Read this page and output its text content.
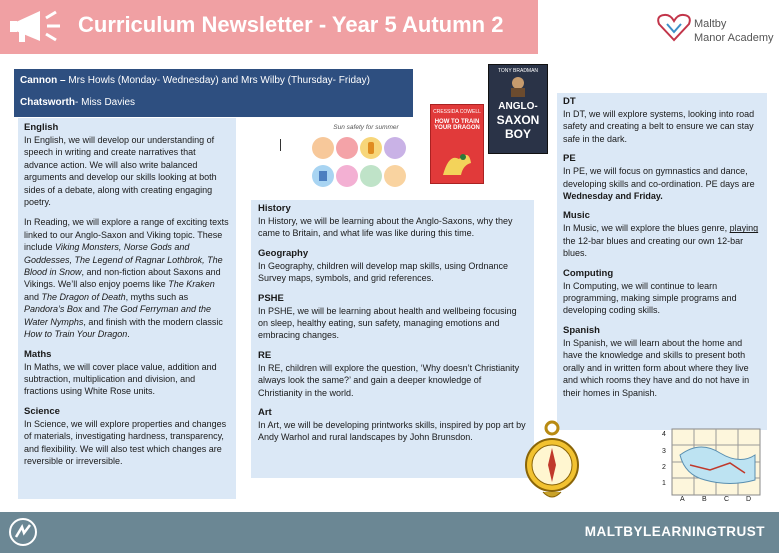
Curriculum Newsletter - Year 5 Autumn 2	Maltby
Manor Academy
Cannon – Mrs Howls (Monday- Wednesday) and Mrs Wilby (Thursday- Friday)
Chatsworth- Miss Davies
CRESSIDA COWELL
HOW TO TRAIN YOUR DRAGON
TONY BRADMAN
ANGLO-
SAXON
BOY
Sun safety for summer
English
In English, we will develop our understanding of speech in writing and create narratives that advance action. We will also write balanced arguments and develop our skills looking at both sides of a debate, along with creating engaging poetry.
In Reading, we will explore a range of exciting texts linked to our Anglo-Saxon and Viking topic. These include Viking Monsters, Norse Gods and Goddesses, The Legend of Ragnar Lothbrok, The Blood in Snow, and non-fiction about Saxons and Vikings. We’ll also enjoy poems like The Kraken and The Dragon of Death, myths such as Pandora’s Box and The God Ferryman and the Water Nymphs, and finish with the modern classic How to Train Your Dragon.
Maths
In Maths, we will cover place value, addition and subtraction, multiplication and division, and fractions using White Rose units.
Science
In Science, we will explore properties and changes of materials, investigating hardness, transparency, and flexibility. We will also test which changes are reversible or irreversible.
History
In History, we will be learning about the Anglo-Saxons, why they came to Britain, and what life was like during this time.
Geography
In Geography, children will develop map skills, using Ordnance Survey maps, symbols, and grid references.
PSHE
In PSHE, we will be learning about health and wellbeing focusing on sleep, healthy eating, sun safety, managing emotions and embracing changes.
RE
In RE, children will explore the question, ‘Why doesn’t Christianity always look the same?’ and gain a deeper knowledge of Christianity in the world.
Art
In Art, we will be developing printworks skills, inspired by pop art by Andy Warhol and rural landscapes by John Brunsdon.
DT
In DT, we will explore systems, looking into road safety and creating a belt to ensure we can stay safe in the dark.
PE
In PE, we will focus on gymnastics and dance, developing skills and co-ordination. PE days are Wednesday and Friday.
Music
In Music, we will explore the blues genre, playing the 12-bar blues and creating our own 12-bar blues.
Computing
In Computing, we will continue to learn programming, making simple programs and developing coding skills.
Spanish
In Spanish, we will learn about the home and have the knowledge and skills to present both orally and in written form about where they live and which rooms they have and do not have in their homes in Spanish.
4
3
2
1
A B C D
MALTBYLEARNINGTRUST
